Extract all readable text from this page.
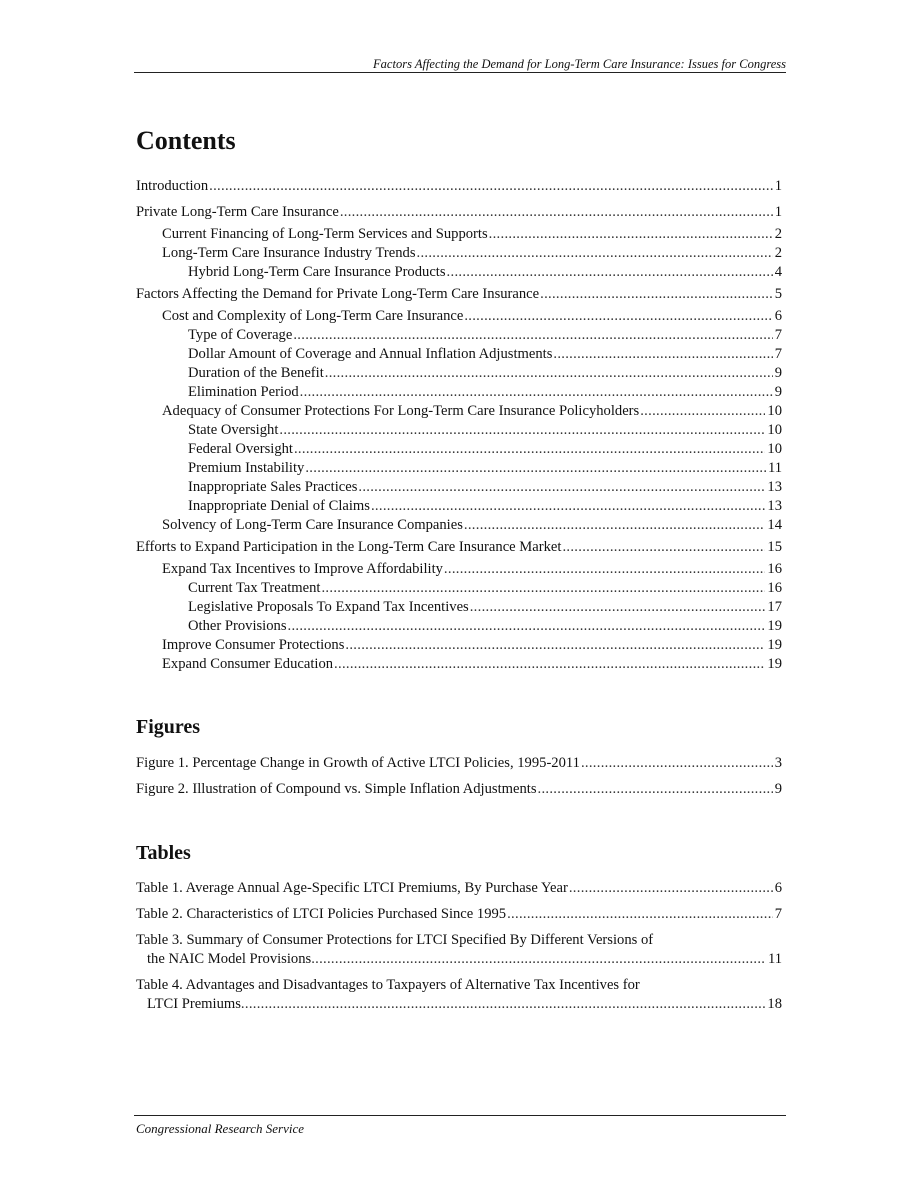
Factors Affecting the Demand for Long-Term Care Insurance: Issues for Congress
Contents
Introduction .....	1
Private Long-Term Care Insurance .....	1
Current Financing of Long-Term Services and Supports .....	2
Long-Term Care Insurance Industry Trends .....	2
Hybrid Long-Term Care Insurance Products .....	4
Factors Affecting the Demand for Private Long-Term Care Insurance .....	5
Cost and Complexity of Long-Term Care Insurance .....	6
Type of Coverage .....	7
Dollar Amount of Coverage and Annual Inflation Adjustments .....	7
Duration of the Benefit .....	9
Elimination Period .....	9
Adequacy of Consumer Protections For Long-Term Care Insurance Policyholders .....	10
State Oversight .....	10
Federal Oversight .....	10
Premium Instability .....	11
Inappropriate Sales Practices .....	13
Inappropriate Denial of Claims .....	13
Solvency of Long-Term Care Insurance Companies .....	14
Efforts to Expand Participation in the Long-Term Care Insurance Market .....	15
Expand Tax Incentives to Improve Affordability .....	16
Current Tax Treatment .....	16
Legislative Proposals To Expand Tax Incentives .....	17
Other Provisions .....	19
Improve Consumer Protections .....	19
Expand Consumer Education .....	19
Figures
Figure 1. Percentage Change in Growth of Active LTCI Policies, 1995-2011 .....	3
Figure 2. Illustration of Compound vs. Simple Inflation Adjustments .....	9
Tables
Table 1. Average Annual Age-Specific LTCI Premiums, By Purchase Year .....	6
Table 2. Characteristics of LTCI Policies Purchased Since 1995 .....	7
Table 3. Summary of Consumer Protections for LTCI Specified By Different Versions of
the NAIC Model Provisions .....	11
Table 4. Advantages and Disadvantages to Taxpayers of Alternative Tax Incentives for
LTCI Premiums .....	18
Congressional Research Service
